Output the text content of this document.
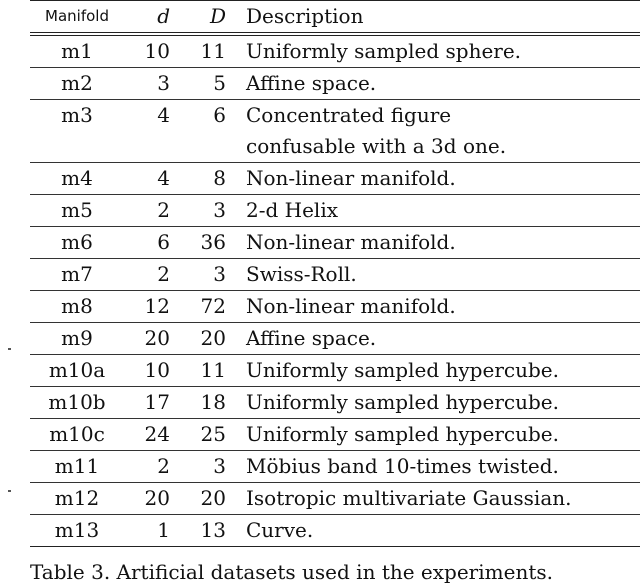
Manifold	d	D	Description
m1	10	11	Uniformly sampled sphere.

m2	3	5	Affine space.

m3	4	6	Concentrated figure
confusable with a 3d one.

m4	4	8	Non-linear manifold.

m5	2	3	2-d Helix

m6	6	36	Non-linear manifold.

m7	2	3	Swiss-Roll.

m8	12	72	Non-linear manifold.

m9	20	20	Affine space.

m10a	10	11	Uniformly sampled hypercube.

m10b	17	18	Uniformly sampled hypercube.

m10c	24	25	Uniformly sampled hypercube.

m11	2	3	Möbius band 10-times twisted.

m12	20	20	Isotropic multivariate Gaussian.

m13	1	13	Curve.
Table 3. Artificial datasets used in the experiments.
